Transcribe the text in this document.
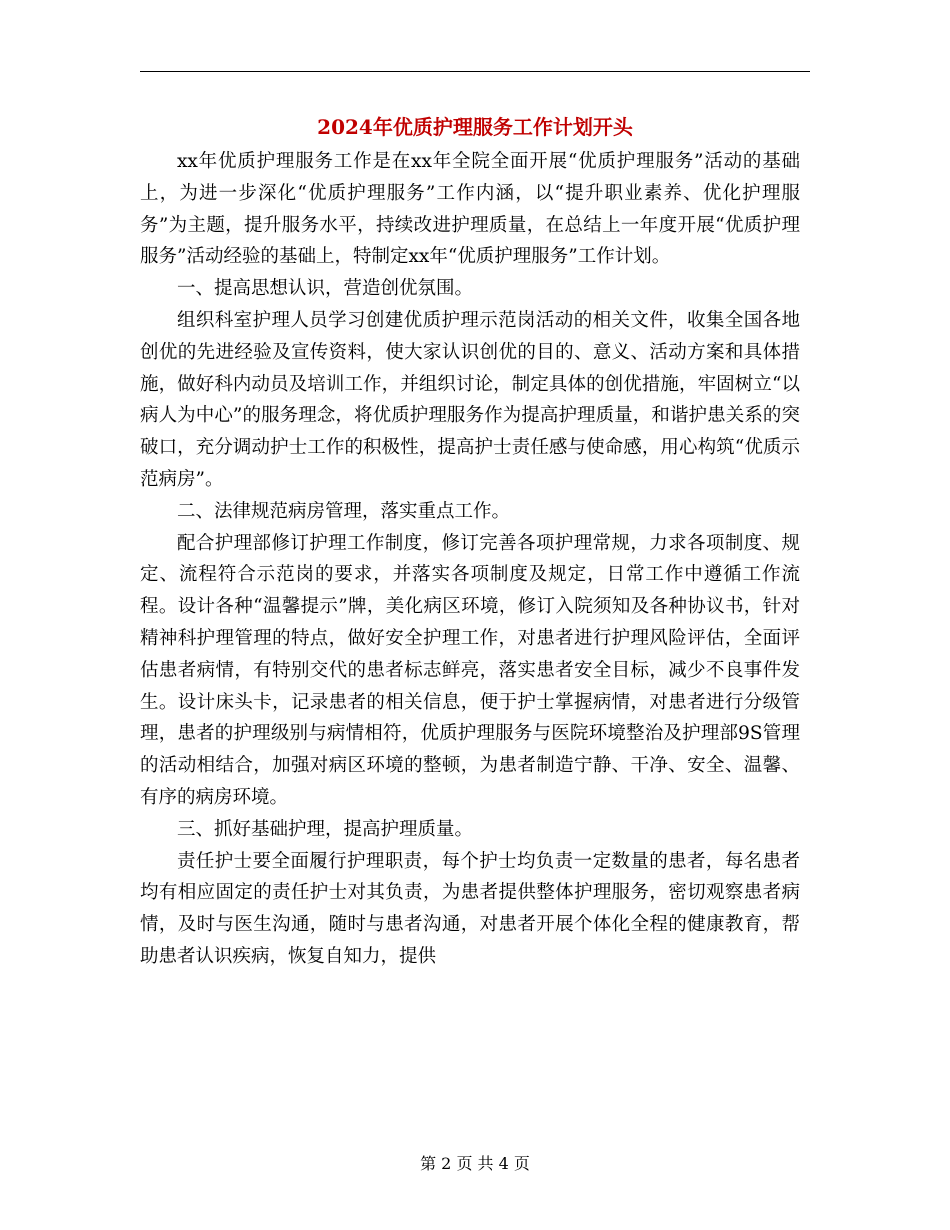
2024年优质护理服务工作计划开头

xx年优质护理服务工作是在xx年全院全面开展“优质护理服务”活动的基础上，为进一步深化“优质护理服务”工作内涵，以“提升职业素养、优化护理服务”为主题，提升服务水平，持续改进护理质量，在总结上一年度开展“优质护理服务”活动经验的基础上，特制定xx年“优质护理服务”工作计划。

一、提高思想认识，营造创优氛围。

组织科室护理人员学习创建优质护理示范岗活动的相关文件，收集全国各地创优的先进经验及宣传资料，使大家认识创优的目的、意义、活动方案和具体措施，做好科内动员及培训工作，并组织讨论，制定具体的创优措施，牢固树立“以病人为中心”的服务理念，将优质护理服务作为提高护理质量，和谐护患关系的突破口，充分调动护士工作的积极性，提高护士责任感与使命感，用心构筑“优质示范病房”。

二、法律规范病房管理，落实重点工作。

配合护理部修订护理工作制度，修订完善各项护理常规，力求各项制度、规定、流程符合示范岗的要求，并落实各项制度及规定，日常工作中遵循工作流程。设计各种“温馨提示”牌，美化病区环境，修订入院须知及各种协议书，针对精神科护理管理的特点，做好安全护理工作，对患者进行护理风险评估，全面评估患者病情，有特别交代的患者标志鲜亮，落实患者安全目标，减少不良事件发生。设计床头卡，记录患者的相关信息，便于护士掌握病情，对患者进行分级管理，患者的护理级别与病情相符，优质护理服务与医院环境整治及护理部9S管理的活动相结合，加强对病区环境的整顿，为患者制造宁静、干净、安全、温馨、有序的病房环境。

三、抓好基础护理，提高护理质量。

责任护士要全面履行护理职责，每个护士均负责一定数量的患者，每名患者均有相应固定的责任护士对其负责，为患者提供整体护理服务，密切观察患者病情，及时与医生沟通，随时与患者沟通，对患者开展个体化全程的健康教育，帮助患者认识疾病，恢复自知力，提供

第 2 页 共 4 页
